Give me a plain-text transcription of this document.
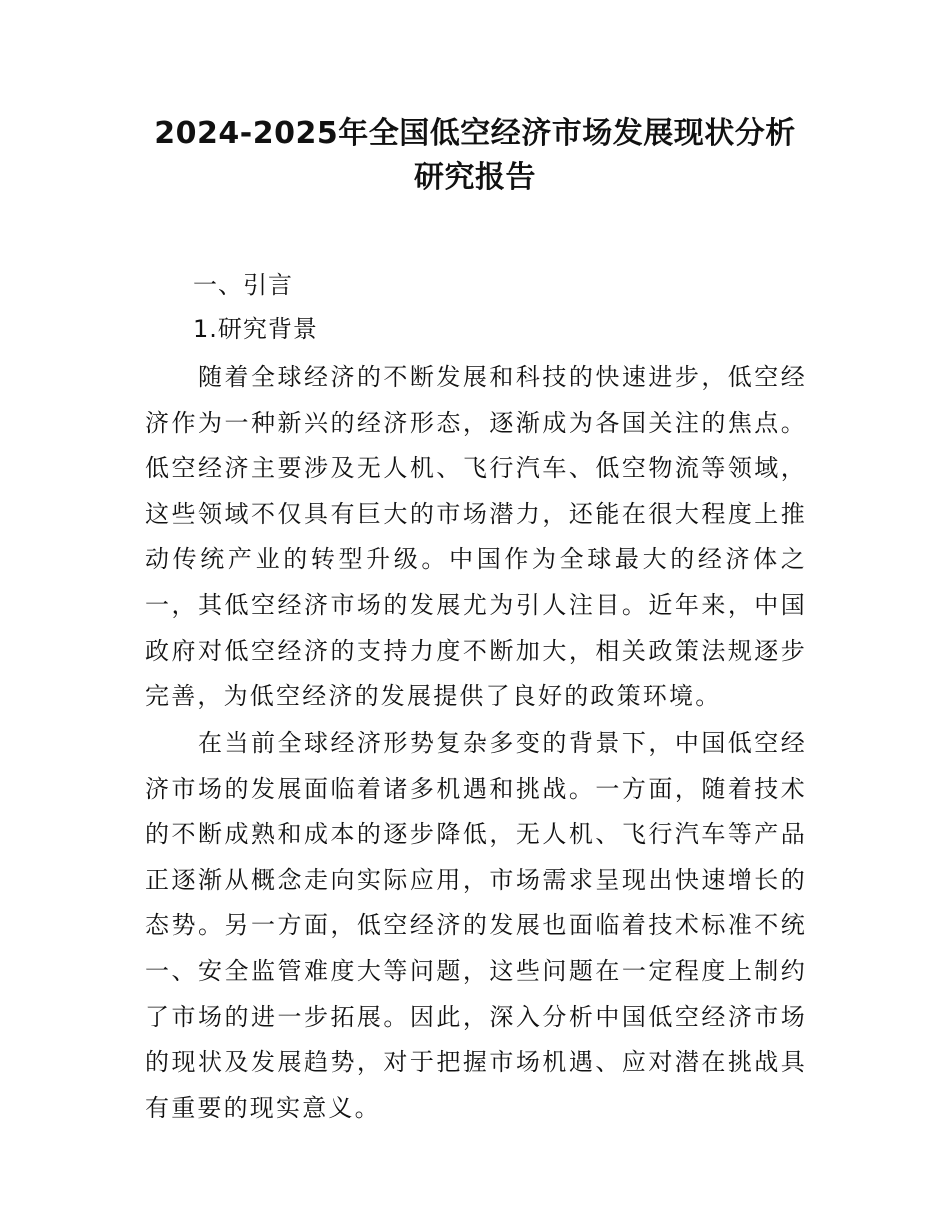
2024-2025年全国低空经济市场发展现状分析研究报告
一、引言
1.研究背景
随着全球经济的不断发展和科技的快速进步，低空经济作为一种新兴的经济形态，逐渐成为各国关注的焦点。低空经济主要涉及无人机、飞行汽车、低空物流等领域，这些领域不仅具有巨大的市场潜力，还能在很大程度上推动传统产业的转型升级。中国作为全球最大的经济体之一，其低空经济市场的发展尤为引人注目。近年来，中国政府对低空经济的支持力度不断加大，相关政策法规逐步完善，为低空经济的发展提供了良好的政策环境。
在当前全球经济形势复杂多变的背景下，中国低空经济市场的发展面临着诸多机遇和挑战。一方面，随着技术的不断成熟和成本的逐步降低，无人机、飞行汽车等产品正逐渐从概念走向实际应用，市场需求呈现出快速增长的态势。另一方面，低空经济的发展也面临着技术标准不统一、安全监管难度大等问题，这些问题在一定程度上制约了市场的进一步拓展。因此，深入分析中国低空经济市场的现状及发展趋势，对于把握市场机遇、应对潜在挑战具有重要的现实意义。
